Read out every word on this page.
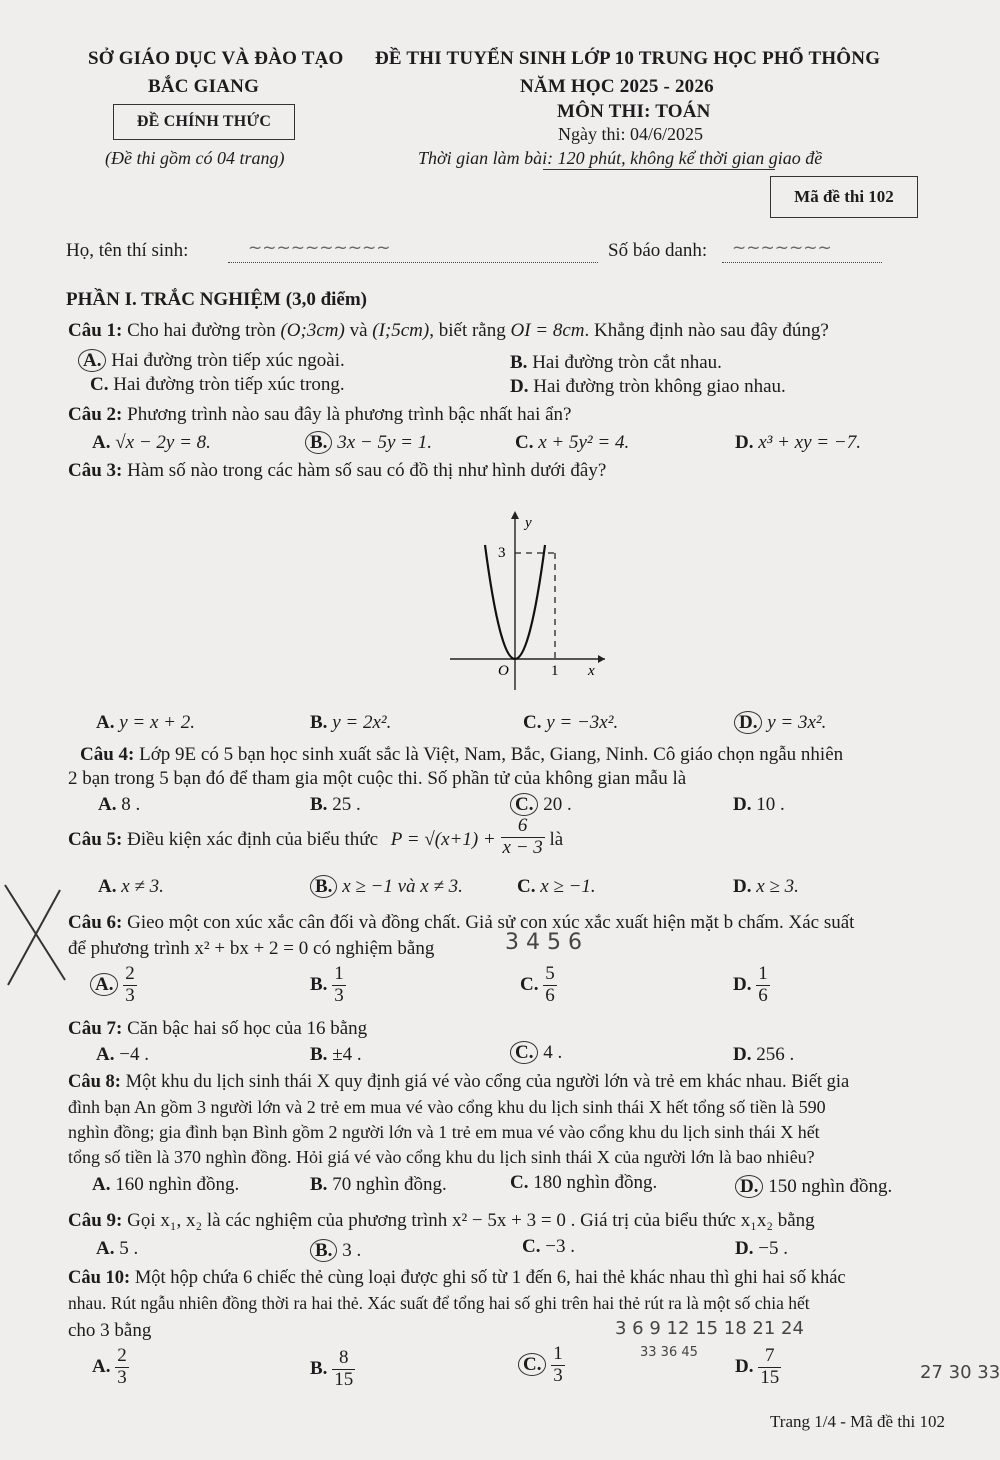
SỞ GIÁO DỤC VÀ ĐÀO TẠO
BẮC GIANG
ĐỀ CHÍNH THỨC
(Đề thi gồm có 04 trang)
ĐỀ THI TUYỂN SINH LỚP 10 TRUNG HỌC PHỔ THÔNG
NĂM HỌC 2025 - 2026
MÔN THI: TOÁN
Ngày thi: 04/6/2025
Thời gian làm bài: 120 phút, không kể thời gian giao đề
Mã đề thi 102
Họ, tên thí sinh:	~~~~~~~~~~	Số báo danh: ~~~~~~~
PHẦN I. TRẮC NGHIỆM (3,0 điểm)
Câu 1: Cho hai đường tròn (O;3cm) và (I;5cm), biết rằng OI = 8cm. Khẳng định nào sau đây đúng?
A. Hai đường tròn tiếp xúc ngoài.	B. Hai đường tròn cắt nhau.
C. Hai đường tròn tiếp xúc trong.	D. Hai đường tròn không giao nhau.
Câu 2: Phương trình nào sau đây là phương trình bậc nhất hai ẩn?
A. √x − 2y = 8.	B. 3x − 5y = 1.	C. x + 5y² = 4.	D. x³ + xy = −7.
Câu 3: Hàm số nào trong các hàm số sau có đồ thị như hình dưới đây?
y
3
O	1 x
A. y = x + 2.	B. y = 2x².	C. y = −3x².	D. y = 3x².
Câu 4: Lớp 9E có 5 bạn học sinh xuất sắc là Việt, Nam, Bắc, Giang, Ninh. Cô giáo chọn ngẫu nhiên
2 bạn trong 5 bạn đó để tham gia một cuộc thi. Số phần tử của không gian mẫu là
A. 8 .	B. 25 .	C. 20 .	D. 10 .
Câu 5: Điều kiện xác định của biểu thức $P = √(x+1) + \frac{6}{x - 3}$ là
A. x ≠ 3.	B. x ≥ −1 và x ≠ 3.	C. x ≥ −1.	D. x ≥ 3.
Câu 6: Gieo một con xúc xắc cân đối và đồng chất. Giả sử con xúc xắc xuất hiện mặt b chấm. Xác suất
để phương trình x² + bx + 2 = 0 có nghiệm bằng	3 4 5 6
A. $\frac{2}{3}$	B. $\frac{1}{3}$	C. $\frac{5}{6}$	D. $\frac{1}{6}$
Câu 7: Căn bậc hai số học của 16 bằng
A. −4 .	B. ±4 .	C. 4 .	D. 256 .
Câu 8: Một khu du lịch sinh thái X quy định giá vé vào cổng của người lớn và trẻ em khác nhau. Biết gia
đình bạn An gồm 3 người lớn và 2 trẻ em mua vé vào cổng khu du lịch sinh thái X hết tổng số tiền là 590
nghìn đồng; gia đình bạn Bình gồm 2 người lớn và 1 trẻ em mua vé vào cổng khu du lịch sinh thái X hết
tổng số tiền là 370 nghìn đồng. Hỏi giá vé vào cổng khu du lịch sinh thái X của người lớn là bao nhiêu?
A. 160 nghìn đồng.	B. 70 nghìn đồng.	C. 180 nghìn đồng.	D. 150 nghìn đồng.
Câu 9: Gọi x₁, x₂ là các nghiệm của phương trình x² − 5x + 3 = 0 . Giá trị của biểu thức x₁x₂ bằng
A. 5 .	B. 3 .	C. −3 .	D. −5 .
Câu 10: Một hộp chứa 6 chiếc thẻ cùng loại được ghi số từ 1 đến 6, hai thẻ khác nhau thì ghi hai số khác
nhau. Rút ngẫu nhiên đồng thời ra hai thẻ. Xác suất để tổng hai số ghi trên hai thẻ rút ra là một số chia hết
cho 3 bằng	3 6 9 12 15 18 21 24
33 36 45
27 30 33
A. $\frac{2}{3}$	B. $\frac{8}{15}$	C. $\frac{1}{3}$	D. $\frac{7}{15}$
Trang 1/4 - Mã đề thi 102
